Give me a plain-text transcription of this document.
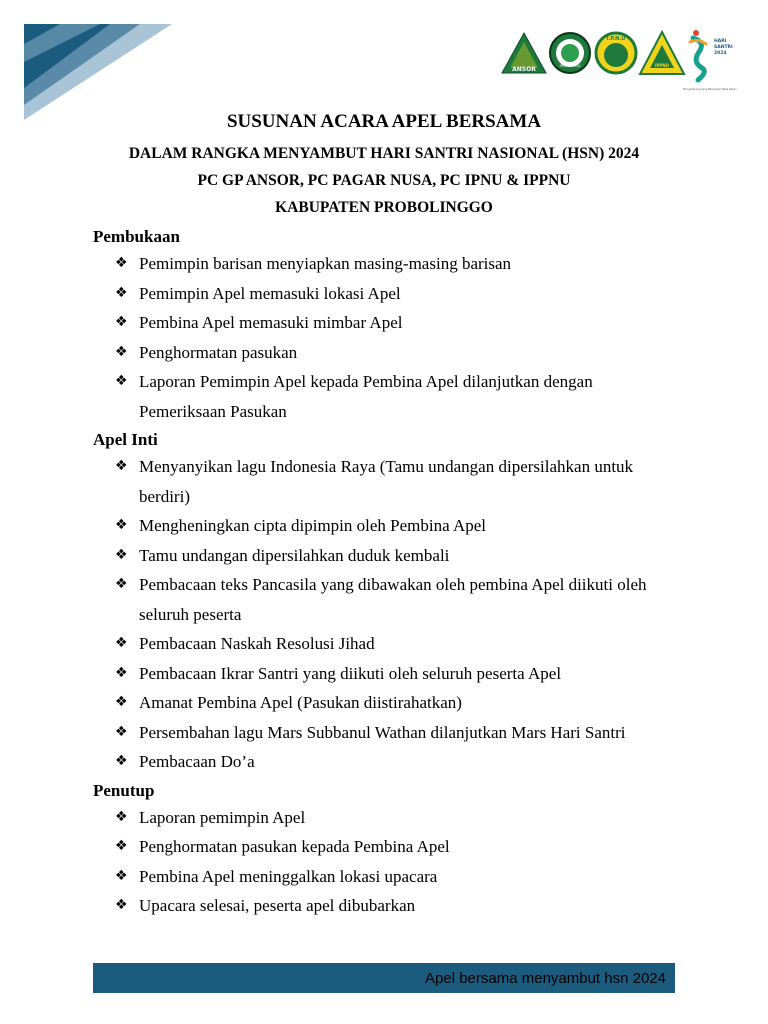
ANSOR	PAGAR NUSA
I.P.N.U
IPPNU
HARI
SANTRI
2024
Menyambung Juang Merengkuh Masa Depan
SUSUNAN ACARA APEL BERSAMA
DALAM RANGKA MENYAMBUT HARI SANTRI NASIONAL (HSN) 2024
PC GP ANSOR, PC PAGAR NUSA, PC IPNU & IPPNU
KABUPATEN PROBOLINGGO
Pembukaan
❖ Pemimpin barisan menyiapkan masing-masing barisan
❖ Pemimpin Apel memasuki lokasi Apel
❖ Pembina Apel memasuki mimbar Apel
❖ Penghormatan pasukan
❖ Laporan Pemimpin Apel kepada Pembina Apel dilanjutkan dengan Pemeriksaan Pasukan
Apel Inti
❖ Menyanyikan lagu Indonesia Raya (Tamu undangan dipersilahkan untuk berdiri)
❖ Mengheningkan cipta dipimpin oleh Pembina Apel
❖ Tamu undangan dipersilahkan duduk kembali
❖ Pembacaan teks Pancasila yang dibawakan oleh pembina Apel diikuti oleh seluruh peserta
❖ Pembacaan Naskah Resolusi Jihad
❖ Pembacaan Ikrar Santri yang diikuti oleh seluruh peserta Apel
❖ Amanat Pembina Apel (Pasukan diistirahatkan)
❖ Persembahan lagu Mars Subbanul Wathan dilanjutkan Mars Hari Santri
❖ Pembacaan Do’a
Penutup
❖ Laporan pemimpin Apel
❖ Penghormatan pasukan kepada Pembina Apel
❖ Pembina Apel meninggalkan lokasi upacara
❖ Upacara selesai, peserta apel dibubarkan
Apel bersama menyambut hsn 2024
